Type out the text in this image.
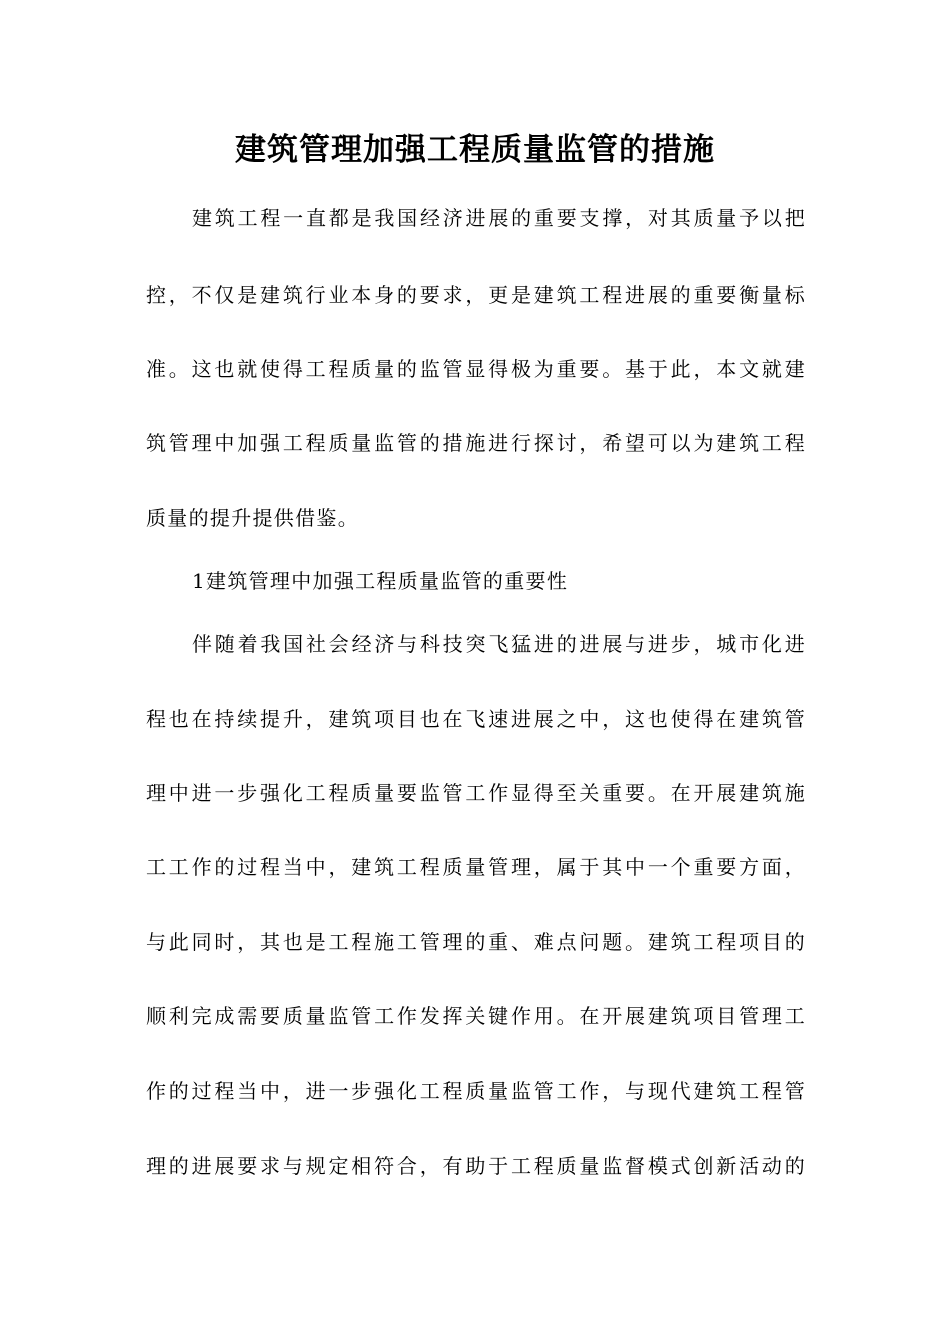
建筑管理加强工程质量监管的措施
建筑工程一直都是我国经济进展的重要支撑，对其质量予以把
控，不仅是建筑行业本身的要求，更是建筑工程进展的重要衡量标
准。这也就使得工程质量的监管显得极为重要。基于此，本文就建
筑管理中加强工程质量监管的措施进行探讨，希望可以为建筑工程
质量的提升提供借鉴。
1建筑管理中加强工程质量监管的重要性
伴随着我国社会经济与科技突飞猛进的进展与进步，城市化进
程也在持续提升，建筑项目也在飞速进展之中，这也使得在建筑管
理中进一步强化工程质量要监管工作显得至关重要。在开展建筑施
工工作的过程当中，建筑工程质量管理，属于其中一个重要方面，
与此同时，其也是工程施工管理的重、难点问题。建筑工程项目的
顺利完成需要质量监管工作发挥关键作用。在开展建筑项目管理工
作的过程当中，进一步强化工程质量监管工作，与现代建筑工程管
理的进展要求与规定相符合，有助于工程质量监督模式创新活动的
